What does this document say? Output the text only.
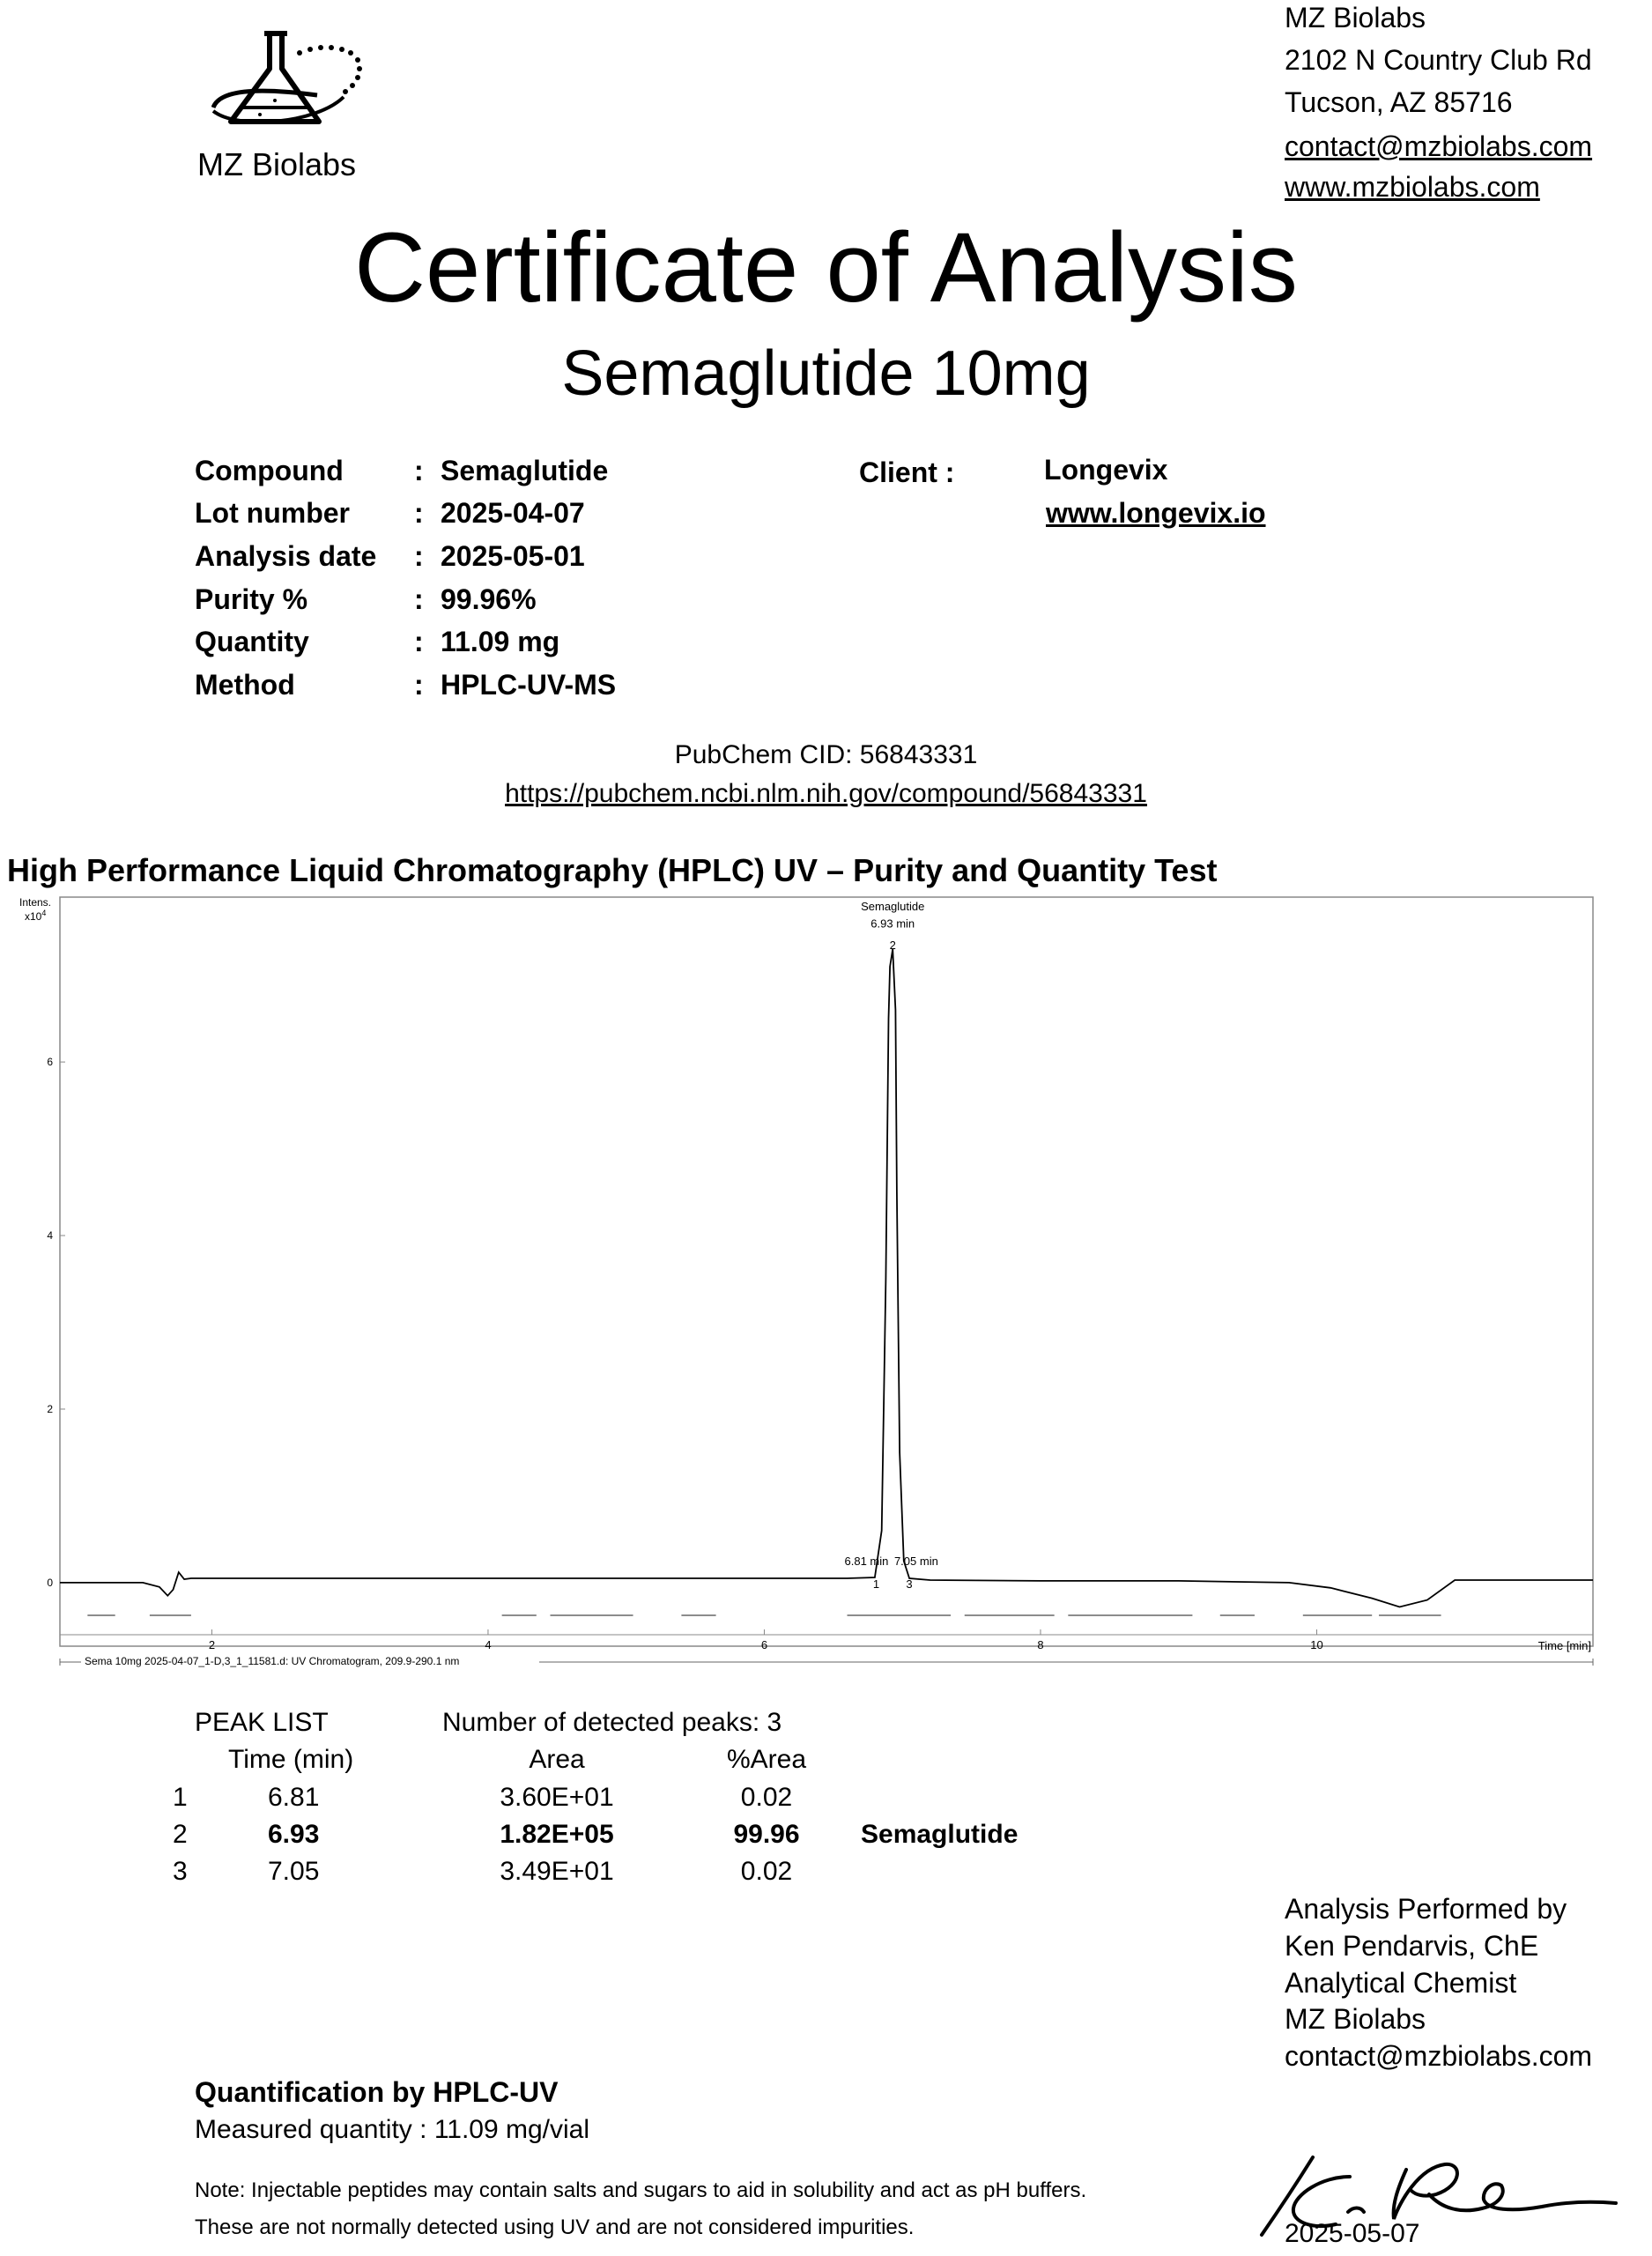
MZ Biolabs
MZ Biolabs
2102 N Country Club Rd
Tucson, AZ 85716
contact@mzbiolabs.com
www.mzbiolabs.com
Certificate of Analysis
Semaglutide 10mg
Compound	: Semaglutide
Lot number : 2025-04-07
Analysis date : 2025-05-01
Purity %	: 99.96%
Quantity	: 11.09 mg
Method	: HPLC-UV-MS
Client :	Longevix
www.longevix.io
PubChem CID: 56843331
https://pubchem.ncbi.nlm.nih.gov/compound/56843331
High Performance Liquid Chromatography (HPLC) UV – Purity and Quantity Test
Intens.
$x10^4$
0
2
4
6
2	4	6	8	10	Time [min]
Semaglutide
6.93 min
2
6.81 min 7.05 min
1 3
Sema 10mg 2025-04-07_1-D,3_1_11581.d: UV Chromatogram, 209.9-290.1 nm
PEAK LIST	Number of detected peaks: 3
Time (min)	Area	%Area
1	6.81	3.60E+01	0.02
2	6.93	1.82E+05	99.96 Semaglutide
3	7.05	3.49E+01	0.02
Analysis Performed by
Ken Pendarvis, ChE
Analytical Chemist
MZ Biolabs
contact@mzbiolabs.com
Quantification by HPLC-UV
Measured quantity : 11.09 mg/vial
Note: Injectable peptides may contain salts and sugars to aid in solubility and act as pH buffers.
These are not normally detected using UV and are not considered impurities.	2025-05-07
